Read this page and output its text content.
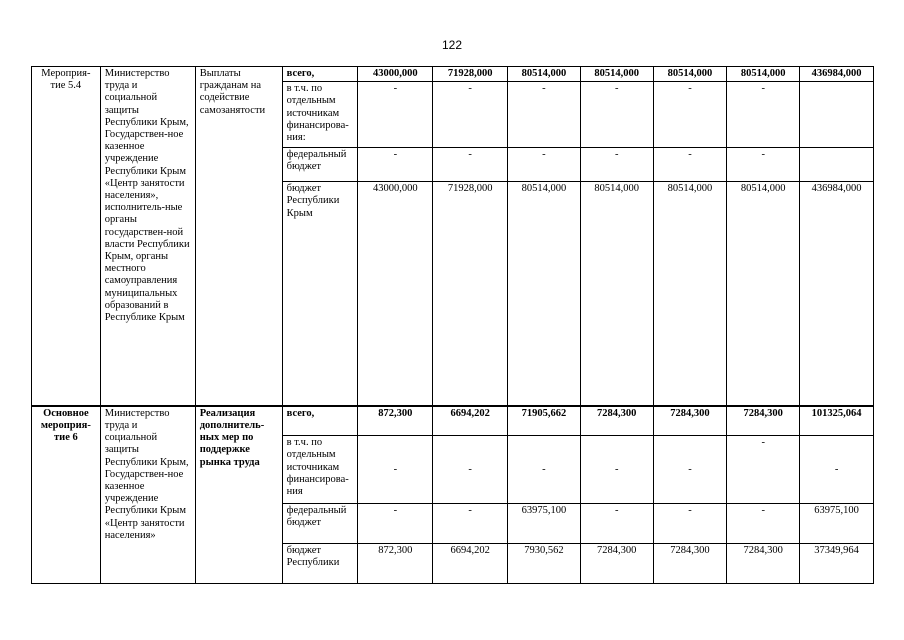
122
Мероприя-тие 5.4	Министерство труда и социальной защиты Республики Крым, Государствен-ное казенное учреждение Республики Крым «Центр занятости населения», исполнитель-ные органы государствен-ной власти Республики Крым, органы местного самоуправления муниципальных образований в Республике Крым	Выплаты гражданам на содействие самозанятости	всего,	43000,000	71928,000	80514,000	80514,000	80514,000	80514,000	436984,000
			в т.ч. по отдельным источникам финансирова-ния:	-	-	-	-	-	-	
			федеральный бюджет	-	-	-	-	-	-	
			бюджет Республики Крым	43000,000	71928,000	80514,000	80514,000	80514,000	80514,000	436984,000
Основное мероприя-тие 6	Министерство труда и социальной защиты Республики Крым, Государствен-ное казенное учреждение Республики Крым «Центр занятости населения»	Реализация дополнитель-ных мер по поддержке рынка труда	всего,	872,300	6694,202	71905,662	7284,300	7284,300	7284,300	101325,064
			в т.ч. по отдельным источникам финансирова-ния	-	-	-	-	-	-	-
			федеральный бюджет	-	-	63975,100	-	-	-	63975,100
			бюджет Республики	872,300	6694,202	7930,562	7284,300	7284,300	7284,300	37349,964
